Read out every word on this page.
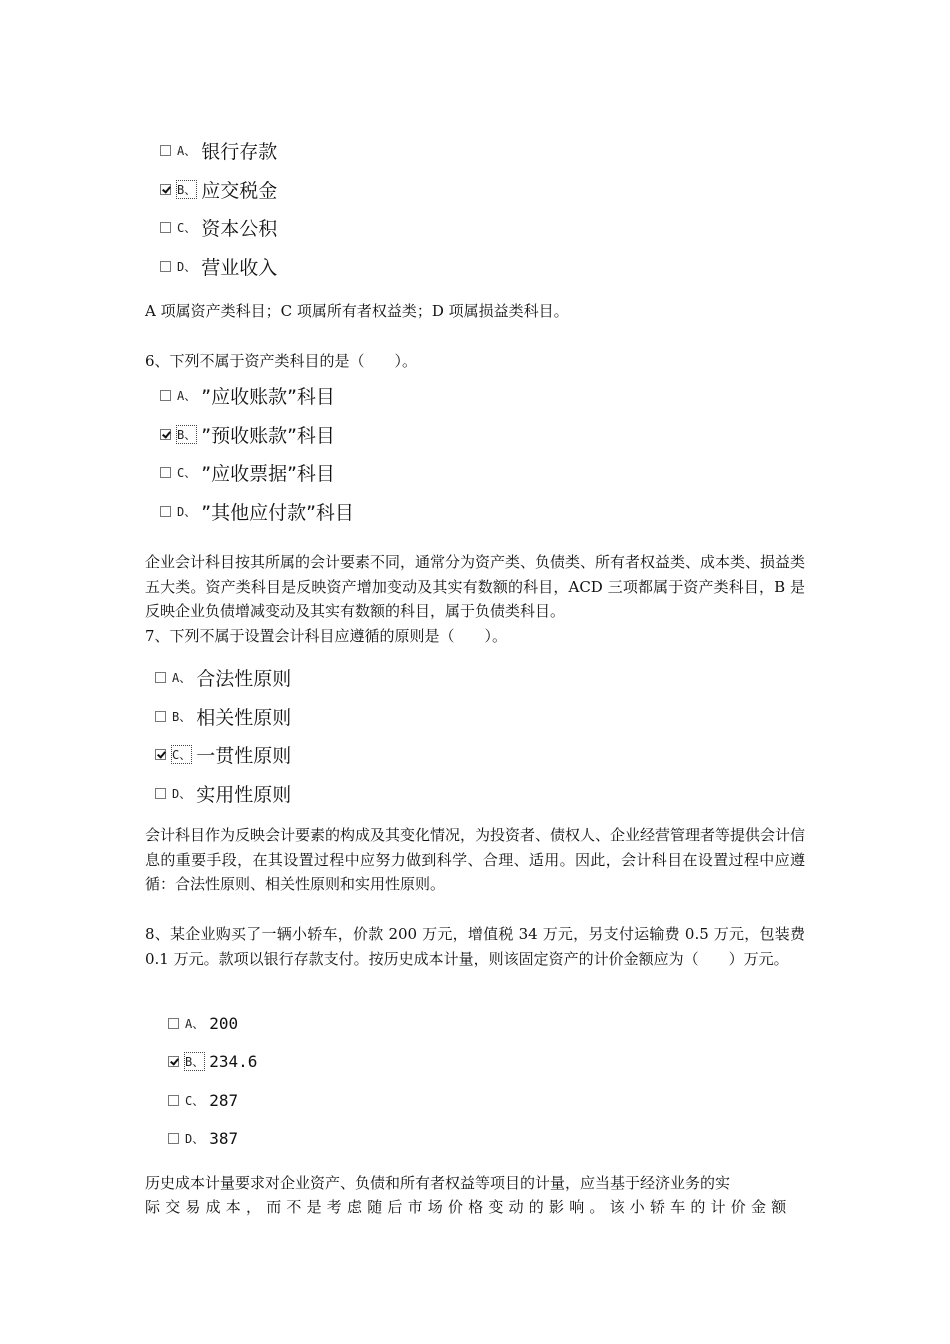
A、 银行存款
B、 应交税金
C、 资本公积
D、 营业收入
A 项属资产类科目；C 项属所有者权益类；D 项属损益类科目。
6、下列不属于资产类科目的是（　　）。
A、 ”应收账款”科目
B、 ”预收账款”科目
C、 ”应收票据”科目
D、 ”其他应付款”科目
企业会计科目按其所属的会计要素不同，通常分为资产类、负债类、所有者权益类、成本类、损益类五大类。资产类科目是反映资产增加变动及其实有数额的科目，ACD 三项都属于资产类科目，B 是反映企业负债增减变动及其实有数额的科目，属于负债类科目。
7、下列不属于设置会计科目应遵循的原则是（　　）。
A、 合法性原则
B、 相关性原则
C、 一贯性原则
D、 实用性原则
会计科目作为反映会计要素的构成及其变化情况，为投资者、债权人、企业经营管理者等提供会计信息的重要手段，在其设置过程中应努力做到科学、合理、适用。因此，会计科目在设置过程中应遵循：合法性原则、相关性原则和实用性原则。
8、某企业购买了一辆小轿车，价款 200 万元，增值税 34 万元，另支付运输费 0.5 万元，包装费 0.1 万元。款项以银行存款支付。按历史成本计量，则该固定资产的计价金额应为（　　）万元。
A、 200
B、 234.6
C、 287
D、 387
历史成本计量要求对企业资产、负债和所有者权益等项目的计量，应当基于经济业务的实
际交易成本，而不是考虑随后市场价格变动的影响。该小轿车的计价金额
